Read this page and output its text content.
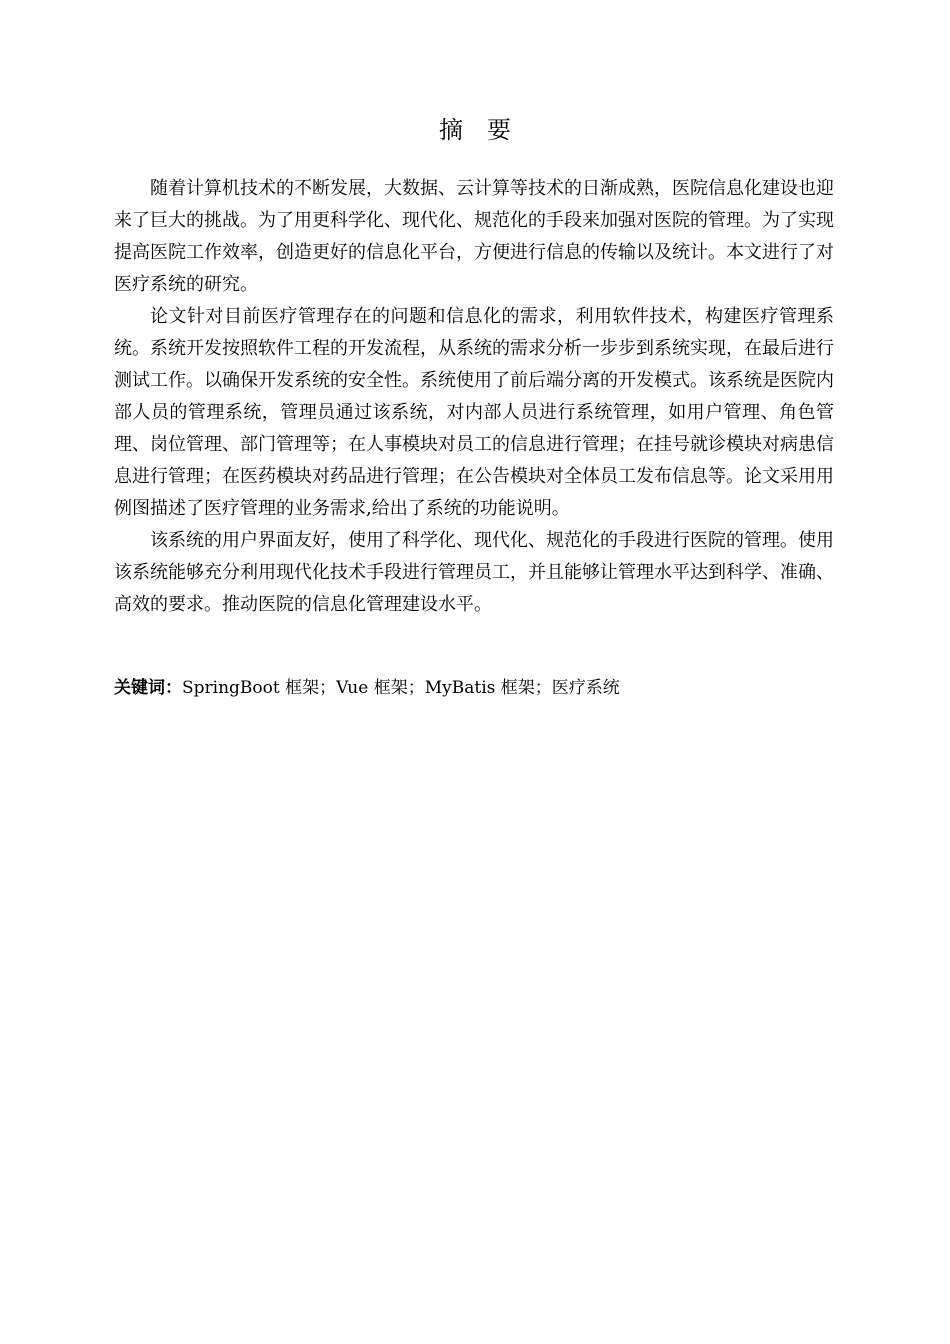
摘 要

随着计算机技术的不断发展，大数据、云计算等技术的日渐成熟，医院信息化建设也迎来了巨大的挑战。为了用更科学化、现代化、规范化的手段来加强对医院的管理。为了实现提高医院工作效率，创造更好的信息化平台，方便进行信息的传输以及统计。本文进行了对医疗系统的研究。

论文针对目前医疗管理存在的问题和信息化的需求，利用软件技术，构建医疗管理系统。系统开发按照软件工程的开发流程，从系统的需求分析一步步到系统实现，在最后进行测试工作。以确保开发系统的安全性。系统使用了前后端分离的开发模式。该系统是医院内部人员的管理系统，管理员通过该系统，对内部人员进行系统管理，如用户管理、角色管理、岗位管理、部门管理等；在人事模块对员工的信息进行管理；在挂号就诊模块对病患信息进行管理；在医药模块对药品进行管理；在公告模块对全体员工发布信息等。论文采用用例图描述了医疗管理的业务需求,给出了系统的功能说明。

该系统的用户界面友好，使用了科学化、现代化、规范化的手段进行医院的管理。使用该系统能够充分利用现代化技术手段进行管理员工，并且能够让管理水平达到科学、准确、高效的要求。推动医院的信息化管理建设水平。

关键词：SpringBoot 框架；Vue 框架；MyBatis 框架；医疗系统
